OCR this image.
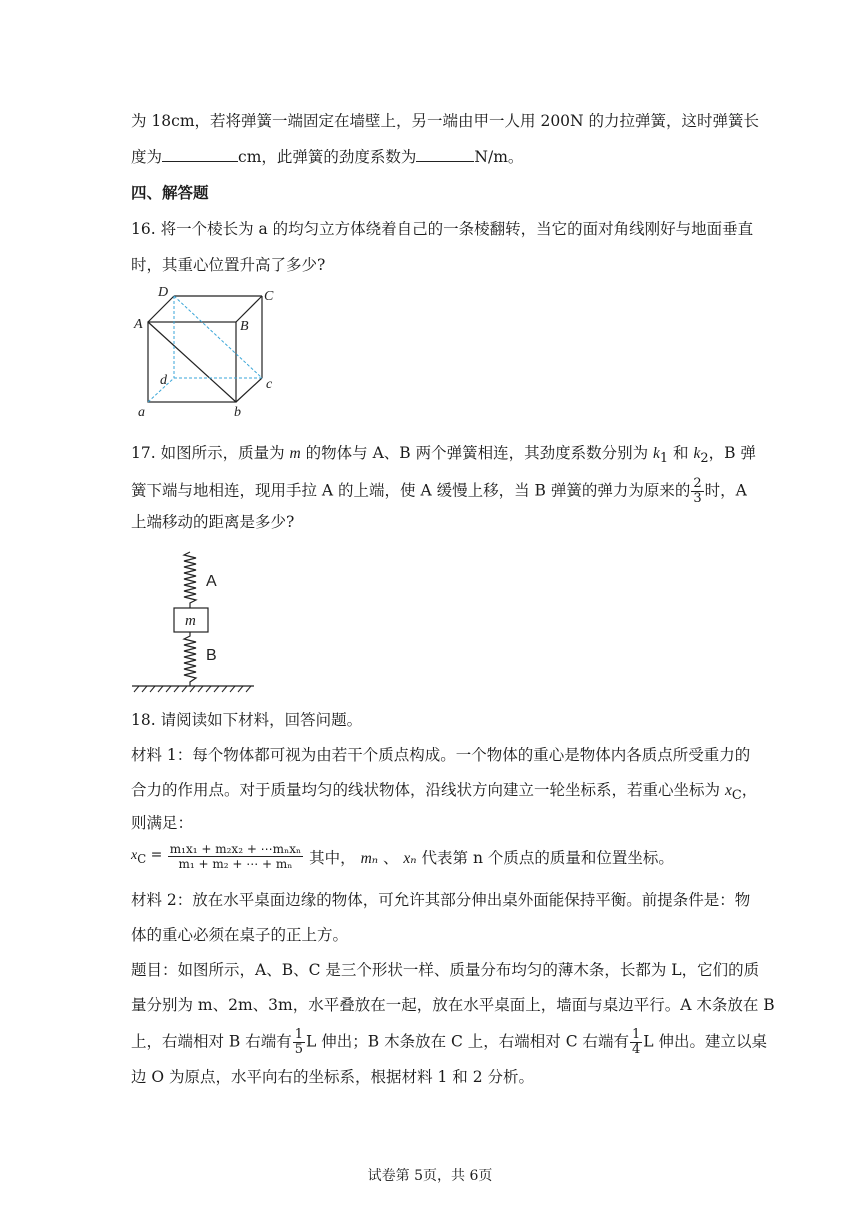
为 18cm，若将弹簧一端固定在墙壁上，另一端由甲一人用 200N 的力拉弹簧，这时弹簧长
度为	cm，此弹簧的劲度系数为	N/m。
四、解答题
16. 将一个棱长为 a 的均匀立方体绕着自己的一条棱翻转，当它的面对角线刚好与地面垂直
时，其重心位置升高了多少?
D	C
A	B
d	c
a	b
17. 如图所示，质量为 m 的物体与 A、B 两个弹簧相连，其劲度系数分别为 $k_1$ 和 $k_2$，B 弹
簧下端与地相连，现用手拉 A 的上端，使 A 缓慢上移，当 B 弹簧的弹力为原来的 $\frac{2}{3}$ 时，A
上端移动的距离是多少?
A
B
m
18. 请阅读如下材料，回答问题。
材料 1：每个物体都可视为由若干个质点构成。一个物体的重心是物体内各质点所受重力的
合力的作用点。对于质量均匀的线状物体，沿线状方向建立一轮坐标系，若重心坐标为 $x_C$，
则满足：
$x_C = \frac{\text{m₁x₁ + m₂x₂ + ⋯mₙxₙ}}{\text{m₁ + m₂ + ⋯ + mₙ}}$ 其中， mₙ 、 xₙ 代表第 n 个质点的质量和位置坐标。
材料 2：放在水平桌面边缘的物体，可允许其部分伸出桌外面能保持平衡。前提条件是：物
体的重心必须在桌子的正上方。
题目：如图所示，A、B、C 是三个形状一样、质量分布均匀的薄木条，长都为 L，它们的质
量分别为 m、2m、3m，水平叠放在一起，放在水平桌面上，墙面与桌边平行。A 木条放在 B
上，右端相对 B 右端有 $\frac{1}{5}$ L 伸出；B 木条放在 C 上，右端相对 C 右端有 $\frac{1}{4}$ L 伸出。建立以桌
边 O 为原点，水平向右的坐标系，根据材料 1 和 2 分析。
试卷第 5页，共 6页
